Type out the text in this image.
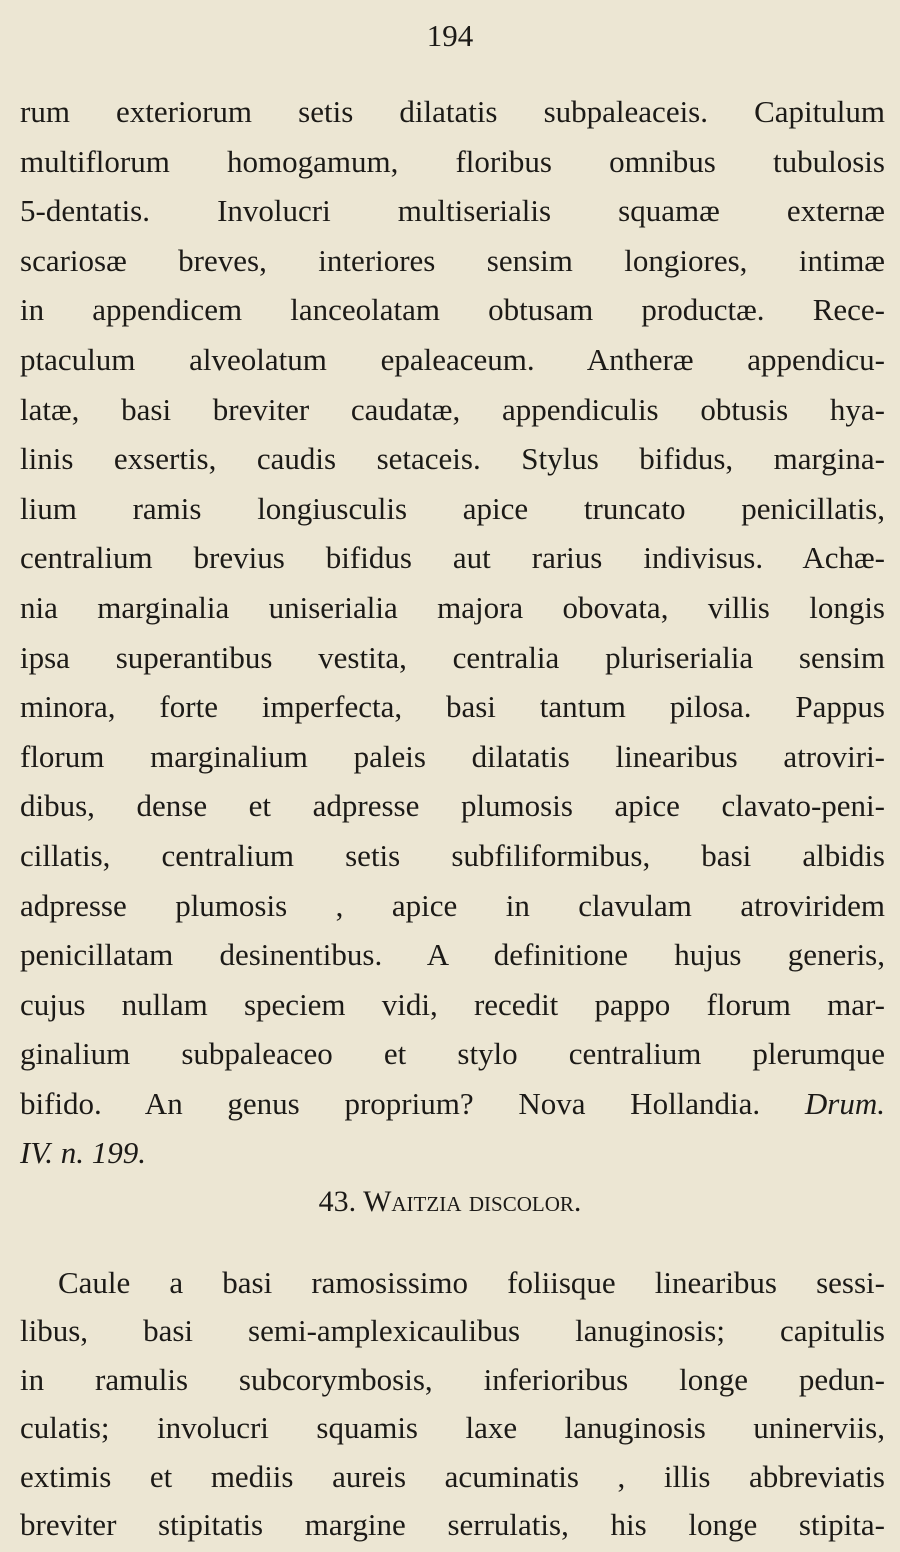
194
rum exteriorum setis dilatatis subpaleaceis. Capitulum
multiflorum homogamum, floribus omnibus tubulosis
5-dentatis. Involucri multiserialis squamæ externæ
scariosæ breves, interiores sensim longiores, intimæ
in appendicem lanceolatam obtusam productæ. Rece-
ptaculum alveolatum epaleaceum. Antheræ appendicu-
latæ, basi breviter caudatæ, appendiculis obtusis hya-
linis exsertis, caudis setaceis. Stylus bifidus, margina-
lium ramis longiusculis apice truncato penicillatis,
centralium brevius bifidus aut rarius indivisus. Achæ-
nia marginalia uniserialia majora obovata, villis longis
ipsa superantibus vestita, centralia pluriserialia sensim
minora, forte imperfecta, basi tantum pilosa. Pappus
florum marginalium paleis dilatatis linearibus atroviri-
dibus, dense et adpresse plumosis apice clavato-peni-
cillatis, centralium setis subfiliformibus, basi albidis
adpresse plumosis , apice in clavulam atroviridem
penicillatam desinentibus. A definitione hujus generis,
cujus nullam speciem vidi, recedit pappo florum mar-
ginalium subpaleaceo et stylo centralium plerumque
bifido. An genus proprium? Nova Hollandia. Drum.
IV. n. 199.
43. Waitzia discolor.
Caule a basi ramosissimo foliisque linearibus sessi-
libus, basi semi-amplexicaulibus lanuginosis; capitulis
in ramulis subcorymbosis, inferioribus longe pedun-
culatis; involucri squamis laxe lanuginosis uninerviis,
extimis et mediis aureis acuminatis , illis abbreviatis
breviter stipitatis margine serrulatis, his longe stipita-
